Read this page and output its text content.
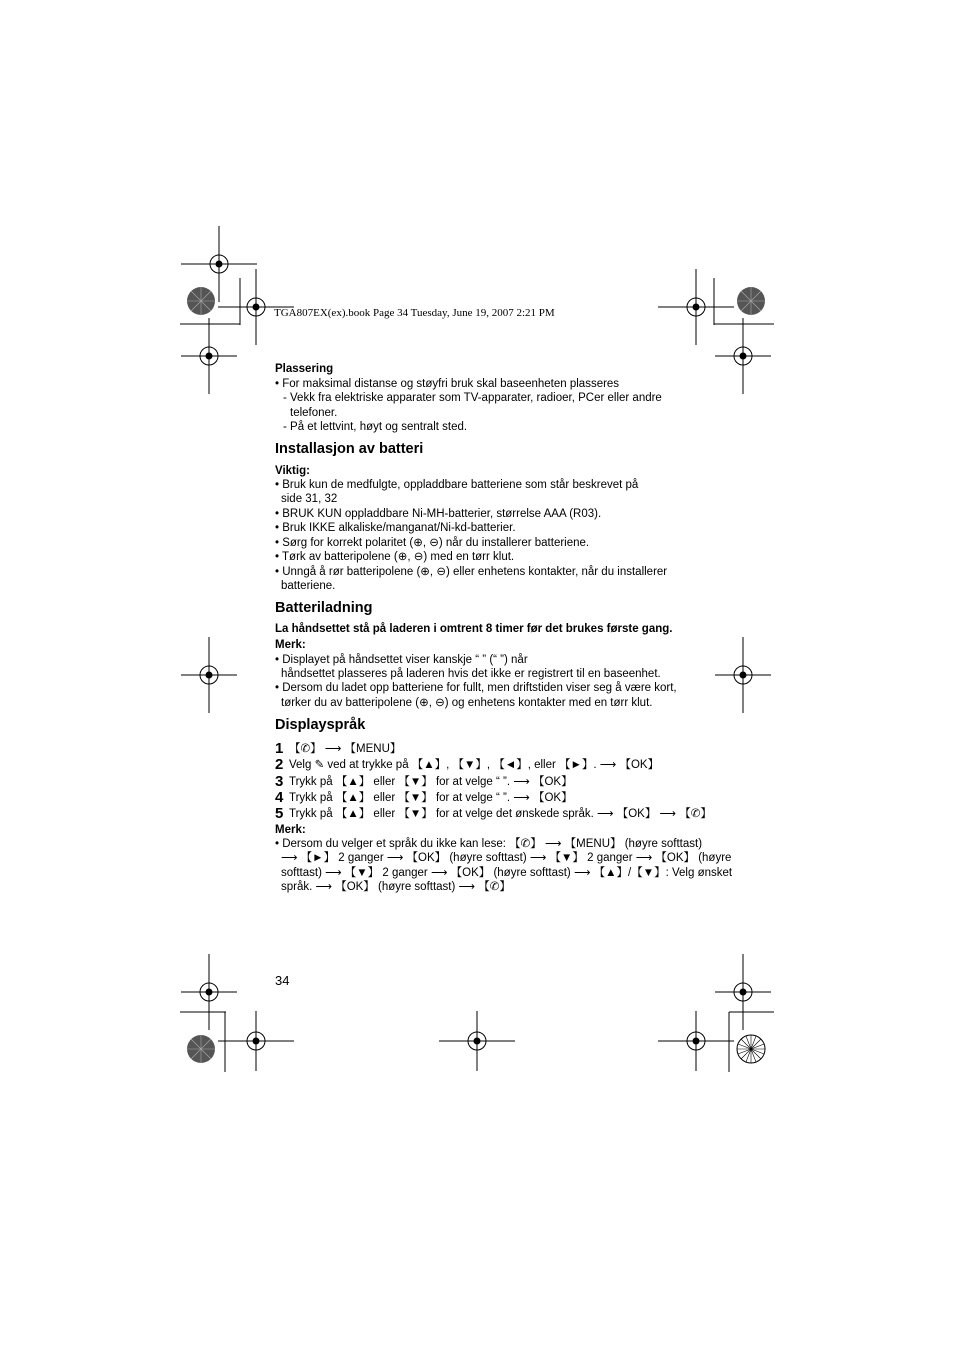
TGA807EX(ex).book Page 34 Tuesday, June 19, 2007 2:21 PM
Plassering
• For maksimal distanse og støyfri bruk skal baseenheten plasseres
- Vekk fra elektriske apparater som TV-apparater, radioer, PCer eller andre
telefoner.
- På et lettvint, høyt og sentralt sted.
Installasjon av batteri
Viktig:
• Bruk kun de medfulgte, oppladdbare batteriene som står beskrevet på
side 31, 32
• BRUK KUN oppladdbare Ni-MH-batterier, størrelse AAA (R03).
• Bruk IKKE alkaliske/manganat/Ni-kd-batterier.
• Sørg for korrekt polaritet (⊕, ⊖) når du installerer batteriene.
• Tørk av batteripolene (⊕, ⊖) med en tørr klut.
• Unngå å rør batteripolene (⊕, ⊖) eller enhetens kontakter, når du installerer
batteriene.
Batteriladning
La håndsettet stå på laderen i omtrent 8 timer før det brukes første gang.
Merk:
• Displayet på håndsettet viser kanskje “ ” (“ ”) når
håndsettet plasseres på laderen hvis det ikke er registrert til en baseenhet.
• Dersom du ladet opp batteriene for fullt, men driftstiden viser seg å være kort,
tørker du av batteripolene (⊕, ⊖) og enhetens kontakter med en tørr klut.
Displayspråk
1 【✆】 ⟶ 【MENU】
2 Velg ✎ ved at trykke på 【▲】, 【▼】, 【◄】, eller 【►】. ⟶ 【OK】
3 Trykk på 【▲】 eller 【▼】 for at velge “ ”. ⟶ 【OK】
4 Trykk på 【▲】 eller 【▼】 for at velge “ ”. ⟶ 【OK】
5 Trykk på 【▲】 eller 【▼】 for at velge det ønskede språk. ⟶ 【OK】 ⟶ 【✆】
Merk:
• Dersom du velger et språk du ikke kan lese: 【✆】 ⟶ 【MENU】 (høyre softtast)
⟶ 【►】 2 ganger ⟶ 【OK】 (høyre softtast) ⟶ 【▼】 2 ganger ⟶ 【OK】 (høyre
softtast) ⟶ 【▼】 2 ganger ⟶ 【OK】 (høyre softtast) ⟶ 【▲】/【▼】: Velg ønsket
språk. ⟶ 【OK】 (høyre softtast) ⟶ 【✆】
34
